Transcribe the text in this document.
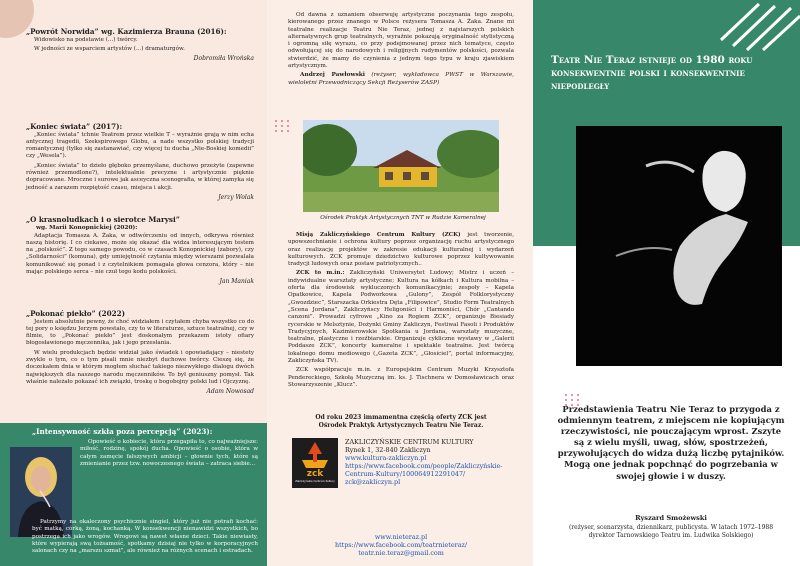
„Powrót Norwida” wg. Kazimierza Brauna (2016):

Widowisko na podstawie (...) twórcy.

W jedności ze wsparciem artystów (...) dramaturgów.

Dobromiła Wrońska
„Koniec świata” (2017):

„Koniec świata” tchnie Teatrem przez wielkie T – wyrażnie grają w nim echa antycznej tragedii, Szekspirowego Globu, a nade wszystko polskiej tradycji romantycznej (tylko się zastanawiać, czy więcej tu ducha „Nie-Boskiej komedii” czy „Wesela”).

„Koniec świata” to dzieło głęboko przemyślane, duchowo przeżyte (zapewne również przemodlone?), intelektualnie precyzne i artystycznie pięknie dopracowane. Mroczne i surowe jak asceyczna scenografia, w której zamyka się jedność a zarazem rozpiętość czasu, miejsca i akcji.

Jerzy Wolak
„O krasnoludkach i o sierotce Marysi”
wg. Marii Konopnickiej (2020):

Adaptacja Tomasza A. Żaka, w odtwórczeniu od innych, odkrywa również naszą historię. I co ciekawe, może się okazać dla widza interesującym testem na „polskość”. Z tego samego powodu, co w czasach Konopnickiej (zabory), czy „Solidarności” (komuna), gdy umiejętność czytania między wierszami pozwalała komunikować się ponad i z czytelnikiem pomagała głowa cenzora, który – nie mając polskiego serca – nie czuł tego kodu polskości.

Jan Maniak
„Pokonać piekło” (2022)

Jestem absolutnie pewny, że choć widziałem i czytałem chyba wszystko co do tej pory o księdzu Jerzym powstało, czy to w literaturze, sztuce teatralnej, czy w filmie, to „Pokonać piekło” jest doskonałym przekazem istoty ofiary błogosławionego męczennika, jak i jego przesłania.

W wielu produkcjach będzie widział jako świadek i opowiadający – niestety zwykle o tym, co o tym pisali mnie niezbyt duchowe twórcy. Cieszę się, że doczekałem dnia w którym mogłem słuchać takiego niezwykłego dialogu dwóch największych dla naszego narodu męczenników. To był geniuszny pomysł. Tak właśnie należało pokazać ich związki, troskę o bogobojny polski lud i Ojczyznę.

Adam Nowosad
„Intensywność szkła poza percepcją” (2023):

Opowieść o kobiecie, która przegapiła to, co najważniejsze: miłość, rodzinę, spokój ducha. Opowieść o osobie, która w całym zamęcie fałszywych ambicji – głownie tych, które są zmienianie przez tzw. nowoczesnego świata – zatraca siebie...

Patrzymy na okaleczony psychicznie singiel, który już nie potrafi kochać: być matką, córką, żoną, kochanką. W konsekwencji nienawidzi wszystkich, bo postrzega ich jako wrogów. Wrogowi są nawet własne dzieci. Takie niewiasty, które wypierają swą tożsamość, spotkamy dzisiaj nie tylko w korporacyjnych salonach czy na „marszu szmat”, ale również na różnych scenach i estradach.

Od dawna z uznaniem obserwuję artystyczne poczynania tego zespołu, kierowanego przez znanego w Polsce reżysera Tomasza A. Żaka. Znane mi teatralne realizacje Teatru Nie Teraz, jednej z najstarszych polskich alternatywnych grup teatralnych, wyraźnie pokazują oryginalność stylistyczną i ogromną siłę wyrazu, co przy podejmowanej przez nich tematyce, często odwołującej się do narodowych i religijnych rudymentów polskości, pozwala stwierdzić, że mamy do czynienia z jednym tego typu w kraju zjawiskiem artystycznym.

Andrzej Pawłowski (reżyser, wykładowca PWST w Warszawie, wieloletni Przewodniczący Sekcji Reżyserów ZASP)

Ośrodek Praktyk Artystycznych TNT w Rudzie Kameralnej

Misją Zakliczyńskiego Centrum Kultury (ZCK) jest tworzenie, upowszechnianie i ochrona kultury poprzez organizację ruchu artystycznego oraz realizację projektów w zakresie edukacji kulturalnej i wydarzeń kulturowych. ZCK promuje dziedzictwo kulturowe poprzez kultywowanie tradycji ludowych oraz postaw patriotycznych..

ZCK to m.in.: Zakliczyński Uniwersytet Ludowy; Mistrz i uczeń – indywidualne warsztaty artystyczne; Kultura na kółkach i Kultura mobilna – oferta dla środowisk wykluczonych komunikacyjnie; zespoły – Kapela Opatkowice, Kapela Podworkowa „Gulony”, Zespół Folklorystyczny „Gwozdziec”, Starszacka Orkiestra Dęta „Filipowice”, Studio Form Teatralnych „Scena Jordana”, Zakliczyńscy Heligoniści i Harmoniści, Chór „Cantando canzoni”. Prowadzi cyfrowe „Kino za Rogiem ZCK”, organizuje Biesiady rycerskie w Melsztynie, Dożynki Gminy Zakliczyn, Festiwal Fasoli i Produktów Tradycyjnych, Kazimierowskie Spotkania u Jordana, warsztaty muzyczne, teatralne, plastyczne i rzeźbiarskie. Organizuje cykliczne wystawy w „Galerii Poddasze ZCK”, koncerty kameralne i spektakle teatralne. Jest twórcą lokalnego domu mediowego („Gazeta ZCK”, „Głosiciel”, portal informacyjny, Zakliczyńska TV).

ZCK współpracuje m.in. z Europejskim Centrum Muzyki Krzysztofa Pendereckiego, Szkołą Muzyczną im. ks. J. Tischnera w Domosławicach oraz Stowarzyszenie „Klucz”.

Od roku 2023 immamentna częścią oferty ZCK jest Ośrodek Praktyk Artystycznych Teatru Nie Teraz.
zck
Zakliczyńskie Centrum Kultury
ZAKLICZYŃSKIE CENTRUM KULTURY
Rynek 1, 32-840 Zakliczyn
www.kultura-zakliczyn.pl
https://www.facebook.com/people/Zakliczyńskie-Centrum-Kultury/100064912291047/
zck@zakliczyn.pl
www.nieteraz.pl
https://www.facebook.com/teatrnieteraz/
teatr.nie.teraz@gmail.com
Teatr Nie Teraz istnieje od 1980 roku konsekwentnie polski i konsekwentnie niepodległy
Przedstawienia Teatru Nie Teraz to przygoda z odmiennym teatrem, z miejscem nie kopiującym rzeczywistości, nie pouczającym wprost. Zszyte są z wielu myśli, uwag, słów, spostrzeżeń, przywołujących do widza dużą liczbę pytajników. Mogą one jednak popchnąć do pogrzebania w swojej głowie i w duszy.
Ryszard Smożewski
(reżyser, scenarzysta, dziennikarz, publicysta. W latach 1972–1988 dyrektor Tarnowskiego Teatru im. Ludwika Solskiego)
